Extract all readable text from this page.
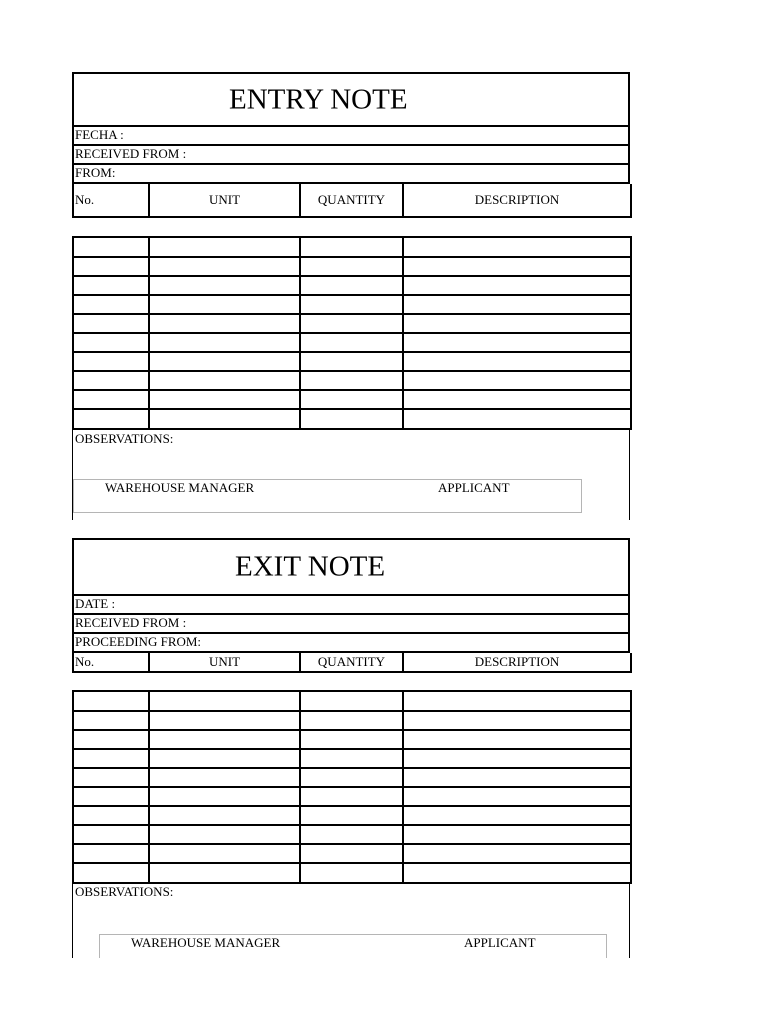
ENTRY NOTE
FECHA :
RECEIVED FROM :
FROM:
No.	UNIT	QUANTITY	DESCRIPTION

OBSERVATIONS:
WAREHOUSE MANAGER	APPLICANT
EXIT NOTE
DATE :
RECEIVED FROM :
PROCEEDING FROM:
No.	UNIT	QUANTITY	DESCRIPTION

OBSERVATIONS:
WAREHOUSE MANAGER	APPLICANT
